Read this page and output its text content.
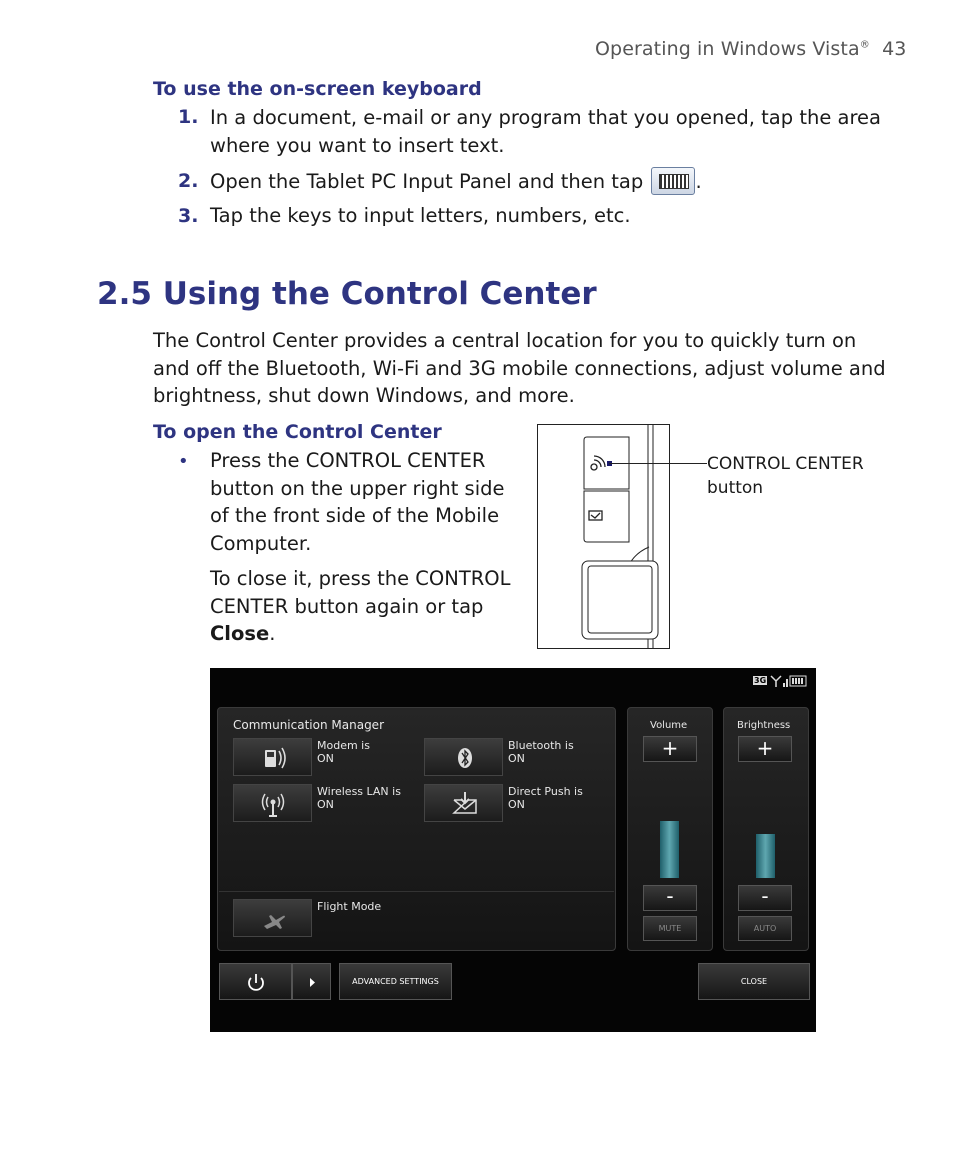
Operating in Windows Vista® 43
To use the on-screen keyboard
1. In a document, e-mail or any program that you opened, tap the area
where you want to insert text.
2. Open the Tablet PC Input Panel and then tap	.
3. Tap the keys to input letters, numbers, etc.
2.5 Using the Control Center
The Control Center provides a central location for you to quickly turn on
and off the Bluetooth, Wi-Fi and 3G mobile connections, adjust volume and
brightness, shut down Windows, and more.
To open the Control Center
• Press the CONTROL CENTER
button on the upper right side
of the front side of the Mobile
Computer.
To close it, press the CONTROL
CENTER button again or tap
Close.
CONTROL CENTER
button
3G
Communication Manager
Modem is
ON
Bluetooth is
ON
Wireless LAN is
ON
Direct Push is
ON
Flight Mode
Volume
+
-
MUTE
Brightness
+
-
AUTO
ADVANCED SETTINGS	CLOSE
